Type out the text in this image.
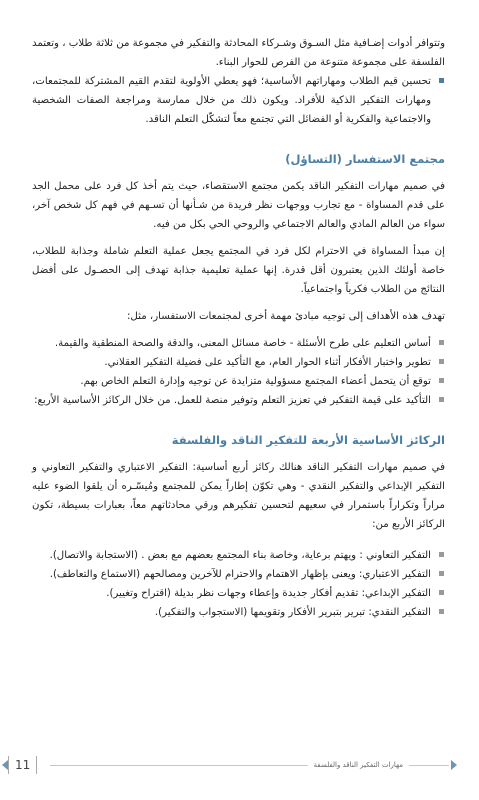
وتتوافر أدوات إضـافية مثل السـوق وشـركاء المحادثة والتفكير في مجموعة من ثلاثة طلاب ، وتعتمد الفلسفة على مجموعة متنوعة من الفرص للحوار البناء.

تحسين قيم الطلاب ومهاراتهم الأساسية؛ فهو يعطي الأولوية لتقدم القيم المشتركة للمجتمعات، ومهارات التفكير الذكية للأفراد. ويكون ذلك من خلال ممارسة ومراجعة الصفات الشخصية والاجتماعية والفكرية أو الفضائل التي تجتمع معاً لتشكّل التعلم الناقد.
مجتمع الاستفسار (التساؤل)

في صميم مهارات التفكير الناقد يكمن مجتمع الاستقصاء، حيث يتم أخذ كل فرد على محمل الجد على قدم المساواة - مع تجارب ووجهات نظر فريدة من شـأنها أن تسـهم في فهم كل شخص آخر، سواء من العالم المادي والعالم الاجتماعي والروحي الحي بكل من فيه.

إن مبدأ المساواة في الاحترام لكل فرد في المجتمع يجعل عملية التعلم شاملة وجذابة للطلاب، خاصة أولئك الذين يعتبرون أقل قدرة. إنها عملية تعليمية جذابة تهدف إلى الحصـول على أفضل النتائج من الطلاب فكرياً واجتماعياً.

تهدف هذه الأهداف إلى توجيه مبادئ مهمة أخرى لمجتمعات الاستفسار، مثل:

أساس التعليم على طرح الأسئلة - خاصة مسائل المعنى، والدقة والصحة المنطقية والقيمة.
تطوير واختبار الأفكار أثناء الحوار العام، مع التأكيد على فضيلة التفكير العقلاني.
توقع أن يتحمل أعضاء المجتمع مسؤولية متزايدة عن توجيه وإدارة التعلم الخاص بهم.
التأكيد على قيمة التفكير في تعزيز التعلم وتوفير منصة للعمل. من خلال الركائز الأساسية الأربع:
الركائز الأساسية الأربعة للتفكير الناقد والفلسفة

في صميم مهارات التفكير الناقد هنالك ركائز أربع أساسية: التفكير الاعتباري والتفكير التعاوني و التفكير الإبداعي والتفكير النقدي - وهي تكوّن إطاراً يمكن للمجتمع ومُيسّـره أن يلقوا الضوء عليه مراراً وتكراراً باستمرار في سعيهم لتحسين تفكيرهم ورقي محادثاتهم معاً، بعبارات بسيطة، تكون الركائز الأربع من:

التفكير التعاوني : ويهتم برعاية، وخاصة بناء المجتمع بعضهم مع بعض . (الاستجابة والاتصال).
التفكير الاعتباري: ويعنى بإظهار الاهتمام والاحترام للآخرين ومصالحهم (الاستماع والتعاطف).
التفكير الإبداعي: تقديم أفكار جديدة وإعطاء وجهات نظر بديلة (اقتراح وتغيير).
التفكير النقدي: تبرير بتبرير الأفكار وتقويمها (الاستجواب والتفكير).
11	مهارات التفكير الناقد والفلسفة
